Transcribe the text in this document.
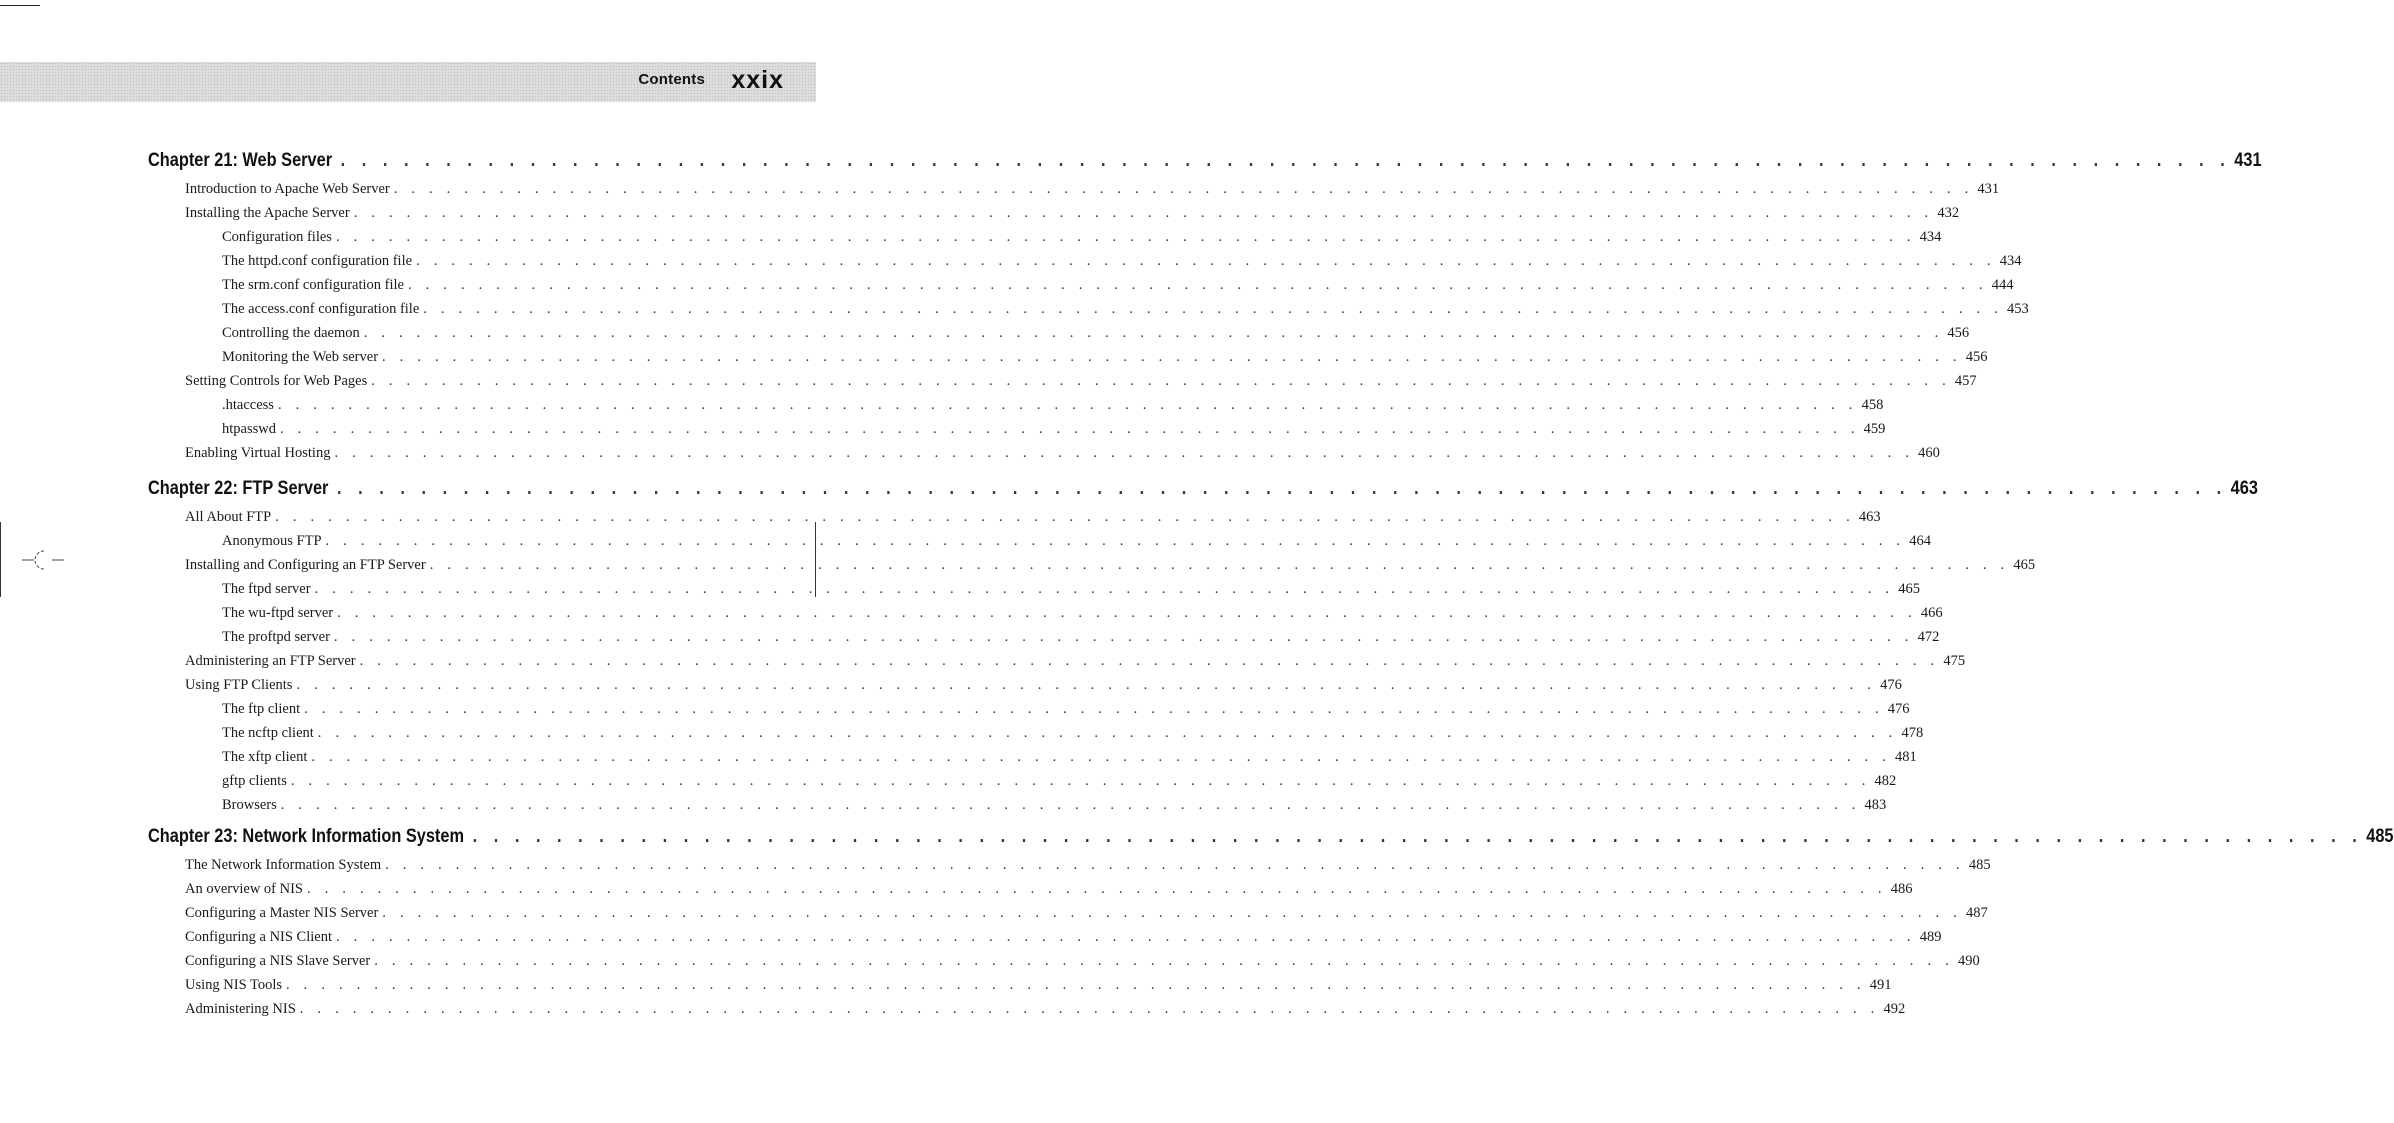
Contents xxix
Chapter 21: Web Server . . . . . . . . . . . . . . . . . . . . . . . . . . . . . . . . . . . . . . . . . . . . . . . . . . . . . . . . . . . . . . . . . . . . . . . . . . . . . . . . . . . . . . . . . . 431
Introduction to Apache Web Server . . . . . . . . . . . . . . . . . . . . . . . . . . . . . . . . . . . . . . . . . . . . . . . . . . . . . . . . . . . . . . . . . . . . . . . . . . . . . . . . . . . . . . . . . . 431
Installing the Apache Server . . . . . . . . . . . . . . . . . . . . . . . . . . . . . . . . . . . . . . . . . . . . . . . . . . . . . . . . . . . . . . . . . . . . . . . . . . . . . . . . . . . . . . . . . . 432
Configuration files . . . . . . . . . . . . . . . . . . . . . . . . . . . . . . . . . . . . . . . . . . . . . . . . . . . . . . . . . . . . . . . . . . . . . . . . . . . . . . . . . . . . . . . . . . 434
The httpd.conf configuration file . . . . . . . . . . . . . . . . . . . . . . . . . . . . . . . . . . . . . . . . . . . . . . . . . . . . . . . . . . . . . . . . . . . . . . . . . . . . . . . . . . . . . . . . . . 434
The srm.conf configuration file . . . . . . . . . . . . . . . . . . . . . . . . . . . . . . . . . . . . . . . . . . . . . . . . . . . . . . . . . . . . . . . . . . . . . . . . . . . . . . . . . . . . . . . . . . 444
The access.conf configuration file . . . . . . . . . . . . . . . . . . . . . . . . . . . . . . . . . . . . . . . . . . . . . . . . . . . . . . . . . . . . . . . . . . . . . . . . . . . . . . . . . . . . . . . . . . 453
Controlling the daemon . . . . . . . . . . . . . . . . . . . . . . . . . . . . . . . . . . . . . . . . . . . . . . . . . . . . . . . . . . . . . . . . . . . . . . . . . . . . . . . . . . . . . . . . . . 456
Monitoring the Web server . . . . . . . . . . . . . . . . . . . . . . . . . . . . . . . . . . . . . . . . . . . . . . . . . . . . . . . . . . . . . . . . . . . . . . . . . . . . . . . . . . . . . . . . . . 456
Setting Controls for Web Pages . . . . . . . . . . . . . . . . . . . . . . . . . . . . . . . . . . . . . . . . . . . . . . . . . . . . . . . . . . . . . . . . . . . . . . . . . . . . . . . . . . . . . . . . . . 457
.htaccess . . . . . . . . . . . . . . . . . . . . . . . . . . . . . . . . . . . . . . . . . . . . . . . . . . . . . . . . . . . . . . . . . . . . . . . . . . . . . . . . . . . . . . . . . . 458
htpasswd . . . . . . . . . . . . . . . . . . . . . . . . . . . . . . . . . . . . . . . . . . . . . . . . . . . . . . . . . . . . . . . . . . . . . . . . . . . . . . . . . . . . . . . . . . 459
Enabling Virtual Hosting . . . . . . . . . . . . . . . . . . . . . . . . . . . . . . . . . . . . . . . . . . . . . . . . . . . . . . . . . . . . . . . . . . . . . . . . . . . . . . . . . . . . . . . . . . 460
Chapter 22: FTP Server . . . . . . . . . . . . . . . . . . . . . . . . . . . . . . . . . . . . . . . . . . . . . . . . . . . . . . . . . . . . . . . . . . . . . . . . . . . . . . . . . . . . . . . . . . 463
All About FTP . . . . . . . . . . . . . . . . . . . . . . . . . . . . . . . . . . . . . . . . . . . . . . . . . . . . . . . . . . . . . . . . . . . . . . . . . . . . . . . . . . . . . . . . . . 463
Anonymous FTP . . . . . . . . . . . . . . . . . . . . . . . . . . . . . . . . . . . . . . . . . . . . . . . . . . . . . . . . . . . . . . . . . . . . . . . . . . . . . . . . . . . . . . . . . . 464
Installing and Configuring an FTP Server . . . . . . . . . . . . . . . . . . . . . . . . . . . . . . . . . . . . . . . . . . . . . . . . . . . . . . . . . . . . . . . . . . . . . . . . . . . . . . . . . . . . . . . . . . 465
The ftpd server . . . . . . . . . . . . . . . . . . . . . . . . . . . . . . . . . . . . . . . . . . . . . . . . . . . . . . . . . . . . . . . . . . . . . . . . . . . . . . . . . . . . . . . . . . 465
The wu-ftpd server . . . . . . . . . . . . . . . . . . . . . . . . . . . . . . . . . . . . . . . . . . . . . . . . . . . . . . . . . . . . . . . . . . . . . . . . . . . . . . . . . . . . . . . . . . 466
The proftpd server . . . . . . . . . . . . . . . . . . . . . . . . . . . . . . . . . . . . . . . . . . . . . . . . . . . . . . . . . . . . . . . . . . . . . . . . . . . . . . . . . . . . . . . . . . 472
Administering an FTP Server . . . . . . . . . . . . . . . . . . . . . . . . . . . . . . . . . . . . . . . . . . . . . . . . . . . . . . . . . . . . . . . . . . . . . . . . . . . . . . . . . . . . . . . . . . 475
Using FTP Clients . . . . . . . . . . . . . . . . . . . . . . . . . . . . . . . . . . . . . . . . . . . . . . . . . . . . . . . . . . . . . . . . . . . . . . . . . . . . . . . . . . . . . . . . . . 476
The ftp client . . . . . . . . . . . . . . . . . . . . . . . . . . . . . . . . . . . . . . . . . . . . . . . . . . . . . . . . . . . . . . . . . . . . . . . . . . . . . . . . . . . . . . . . . . 476
The ncftp client . . . . . . . . . . . . . . . . . . . . . . . . . . . . . . . . . . . . . . . . . . . . . . . . . . . . . . . . . . . . . . . . . . . . . . . . . . . . . . . . . . . . . . . . . . 478
The xftp client . . . . . . . . . . . . . . . . . . . . . . . . . . . . . . . . . . . . . . . . . . . . . . . . . . . . . . . . . . . . . . . . . . . . . . . . . . . . . . . . . . . . . . . . . . 481
gftp clients . . . . . . . . . . . . . . . . . . . . . . . . . . . . . . . . . . . . . . . . . . . . . . . . . . . . . . . . . . . . . . . . . . . . . . . . . . . . . . . . . . . . . . . . . . 482
Browsers . . . . . . . . . . . . . . . . . . . . . . . . . . . . . . . . . . . . . . . . . . . . . . . . . . . . . . . . . . . . . . . . . . . . . . . . . . . . . . . . . . . . . . . . . . 483
Chapter 23: Network Information System . . . . . . . . . . . . . . . . . . . . . . . . . . . . . . . . . . . . . . . . . . . . . . . . . . . . . . . . . . . . . . . . . . . . . . . . . . . . . . . . . . . . . . . . . . 485
The Network Information System . . . . . . . . . . . . . . . . . . . . . . . . . . . . . . . . . . . . . . . . . . . . . . . . . . . . . . . . . . . . . . . . . . . . . . . . . . . . . . . . . . . . . . . . . . 485
An overview of NIS . . . . . . . . . . . . . . . . . . . . . . . . . . . . . . . . . . . . . . . . . . . . . . . . . . . . . . . . . . . . . . . . . . . . . . . . . . . . . . . . . . . . . . . . . . 486
Configuring a Master NIS Server . . . . . . . . . . . . . . . . . . . . . . . . . . . . . . . . . . . . . . . . . . . . . . . . . . . . . . . . . . . . . . . . . . . . . . . . . . . . . . . . . . . . . . . . . . 487
Configuring a NIS Client . . . . . . . . . . . . . . . . . . . . . . . . . . . . . . . . . . . . . . . . . . . . . . . . . . . . . . . . . . . . . . . . . . . . . . . . . . . . . . . . . . . . . . . . . . 489
Configuring a NIS Slave Server . . . . . . . . . . . . . . . . . . . . . . . . . . . . . . . . . . . . . . . . . . . . . . . . . . . . . . . . . . . . . . . . . . . . . . . . . . . . . . . . . . . . . . . . . . 490
Using NIS Tools . . . . . . . . . . . . . . . . . . . . . . . . . . . . . . . . . . . . . . . . . . . . . . . . . . . . . . . . . . . . . . . . . . . . . . . . . . . . . . . . . . . . . . . . . . 491
Administering NIS . . . . . . . . . . . . . . . . . . . . . . . . . . . . . . . . . . . . . . . . . . . . . . . . . . . . . . . . . . . . . . . . . . . . . . . . . . . . . . . . . . . . . . . . . . 492
